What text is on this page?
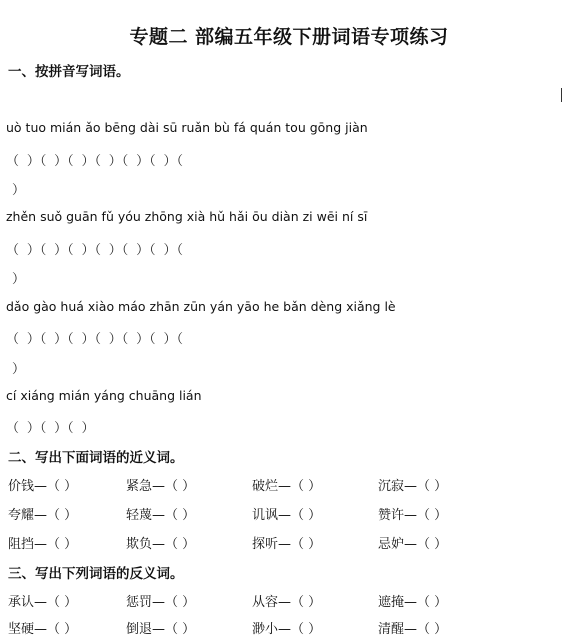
专题二 部编五年级下册词语专项练习
一、按拼音写词语。
uò tuo mián ǎo bēng dài sū ruǎn bù fá quán tou gōng jiàn
（ ）（ ）（ ）（ ）（ ）（ ）（
）
zhěn suǒ guān fǔ yóu zhōng xià hǔ hǎi ōu diàn zi wēi ní sī
（ ）（ ）（ ）（ ）（ ）（ ）（
）
dǎo gào huá xiào máo zhān zūn yán yāo he bǎn dèng xiǎng lè
（ ）（ ）（ ）（ ）（ ）（ ）（
）
cí xiáng mián yáng chuāng lián
（ ）（ ）（ ）
二、写出下面词语的近义词。
价钱—（ ）	紧急—（ ）	破烂—（ ）	沉寂—（ ）
夸耀—（ ）	轻蔑—（ ）	讥讽—（ ）	赞许—（ ）
阻挡—（ ）	欺负—（ ）	探听—（ ）	忌妒—（ ）
三、写出下列词语的反义词。
承认—（ ）	惩罚—（ ）	从容—（ ）	遮掩—（ ）
坚硬—（ ）	倒退—（ ）	渺小—（ ）	清醒—（ ）
